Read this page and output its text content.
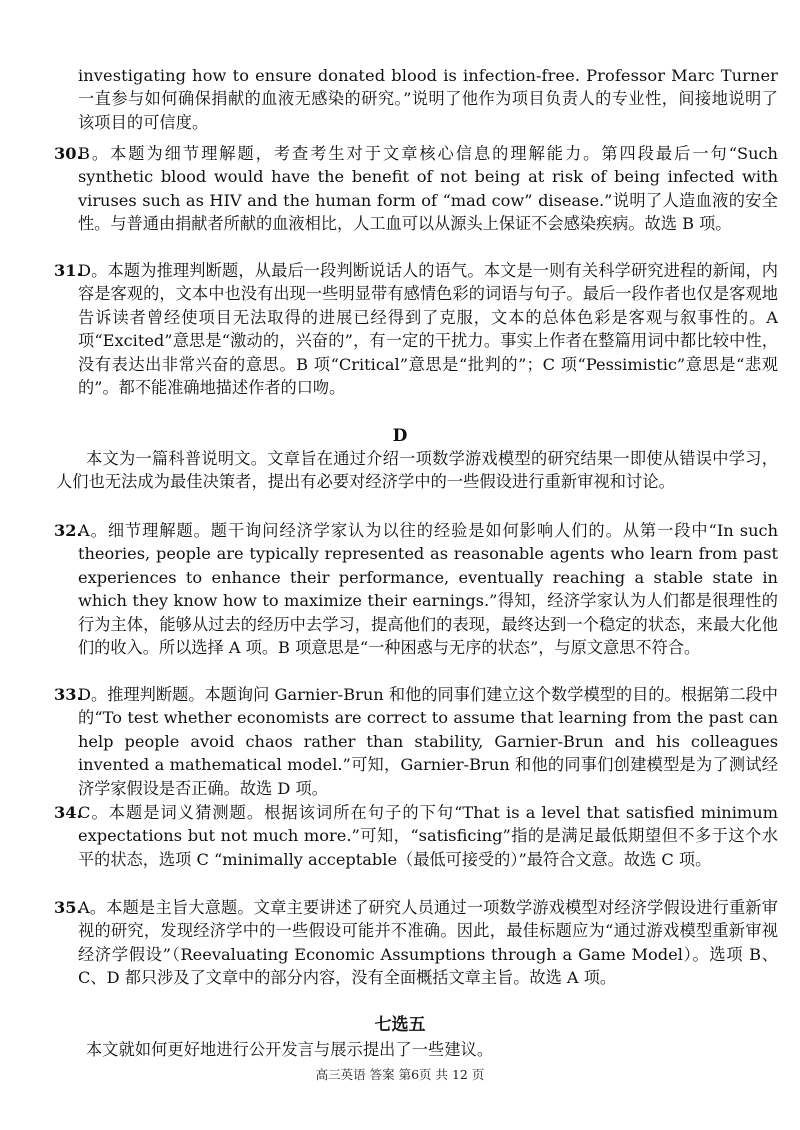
investigating how to ensure donated blood is infection-free. Professor Marc Turner 一直参与如何确保捐献的血液无感染的研究。”说明了他作为项目负责人的专业性，间接地说明了该项目的可信度。
30.
B。本题为细节理解题，考查考生对于文章核心信息的理解能力。第四段最后一句“Such synthetic blood would have the benefit of not being at risk of being infected with viruses such as HIV and the human form of “mad cow” disease.”说明了人造血液的安全性。与普通由捐献者所献的血液相比，人工血可以从源头上保证不会感染疾病。故选 B 项。
31.
D。本题为推理判断题，从最后一段判断说话人的语气。本文是一则有关科学研究进程的新闻，内容是客观的，文本中也没有出现一些明显带有感情色彩的词语与句子。最后一段作者也仅是客观地告诉读者曾经使项目无法取得的进展已经得到了克服，文本的总体色彩是客观与叙事性的。A 项“Excited”意思是“激动的，兴奋的”，有一定的干扰力。事实上作者在整篇用词中都比较中性，没有表达出非常兴奋的意思。B 项“Critical”意思是“批判的”；C 项“Pessimistic”意思是“悲观的”。都不能准确地描述作者的口吻。
D
本文为一篇科普说明文。文章旨在通过介绍一项数学游戏模型的研究结果一即使从错误中学习，人们也无法成为最佳决策者，提出有必要对经济学中的一些假设进行重新审视和讨论。
32.
A。细节理解题。题干询问经济学家认为以往的经验是如何影响人们的。从第一段中“In such theories, people are typically represented as reasonable agents who learn from past experiences to enhance their performance, eventually reaching a stable state in which they know how to maximize their earnings.”得知，经济学家认为人们都是很理性的行为主体，能够从过去的经历中去学习，提高他们的表现，最终达到一个稳定的状态，来最大化他们的收入。所以选择 A 项。B 项意思是“一种困惑与无序的状态”，与原文意思不符合。
33.
D。推理判断题。本题询问 Garnier-Brun 和他的同事们建立这个数学模型的目的。根据第二段中的“To test whether economists are correct to assume that learning from the past can help people avoid chaos rather than stability, Garnier-Brun and his colleagues invented a mathematical model.”可知，Garnier-Brun 和他的同事们创建模型是为了测试经济学家假设是否正确。故选 D 项。
34.
C。本题是词义猜测题。根据该词所在句子的下句“That is a level that satisfied minimum expectations but not much more.”可知，“satisficing”指的是满足最低期望但不多于这个水平的状态，选项 C “minimally acceptable（最低可接受的）”最符合文意。故选 C 项。
35.
A。本题是主旨大意题。文章主要讲述了研究人员通过一项数学游戏模型对经济学假设进行重新审视的研究，发现经济学中的一些假设可能并不准确。因此，最佳标题应为“通过游戏模型重新审视经济学假设”（Reevaluating Economic Assumptions through a Game Model）。选项 B、C、D 都只涉及了文章中的部分内容，没有全面概括文章主旨。故选 A 项。
七选五
本文就如何更好地进行公开发言与展示提出了一些建议。
高三英语 答案 第6页 共 12 页
